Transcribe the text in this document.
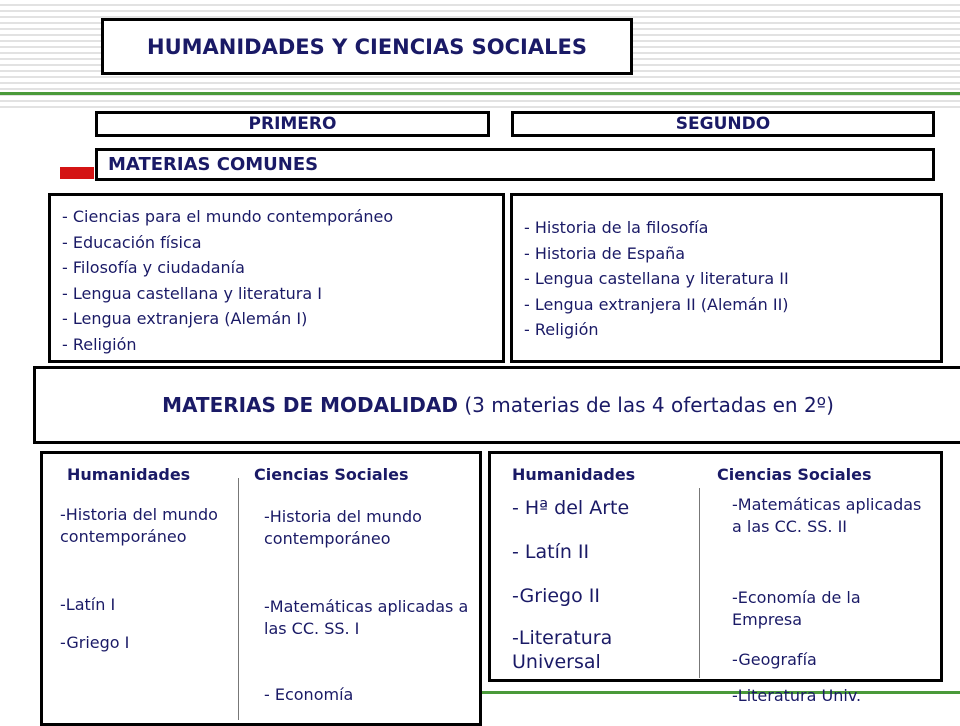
HUMANIDADES Y CIENCIAS SOCIALES
PRIMERO	SEGUNDO
MATERIAS COMUNES
- Ciencias para el mundo contemporáneo
- Educación física
- Filosofía y ciudadanía
- Lengua castellana y literatura I
- Lengua extranjera (Alemán I)
- Religión
- Historia de la filosofía
- Historia de España
- Lengua castellana y literatura II
- Lengua extranjera II (Alemán II)
- Religión
MATERIAS DE MODALIDAD
(3 materias de las 4 ofertadas en 2º)
Humanidades	Ciencias Sociales
-Historia del mundo contemporáneo
-Latín I
-Griego I
-Historia del mundo contemporáneo
-Matemáticas aplicadas a las CC. SS. I
- Economía
Humanidades	Ciencias Sociales
- Hª del Arte
- Latín II
-Griego II
-Literatura Universal
-Matemáticas aplicadas a las CC. SS. II
-Economía de la Empresa
-Geografía
-Literatura Univ.
